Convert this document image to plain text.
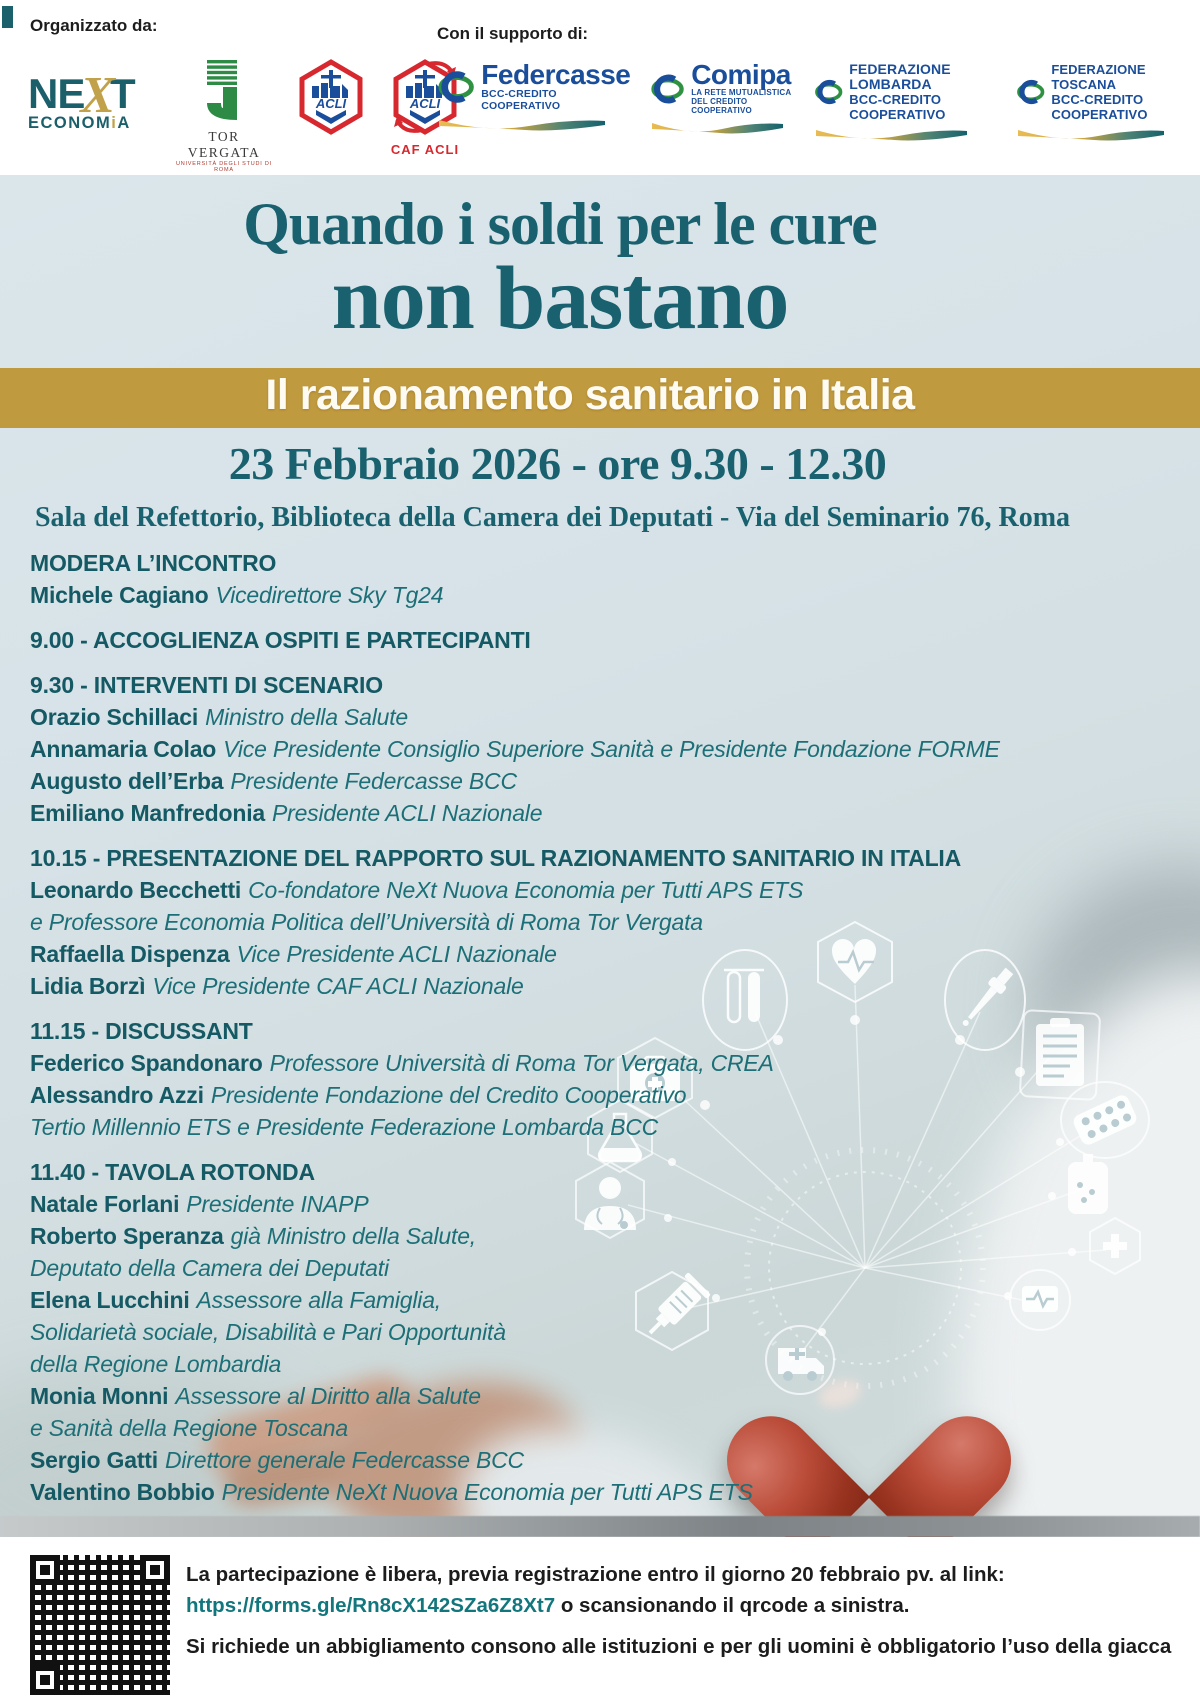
Organizzato da:	Con il supporto di:
NEXT
ECONOMiA
TOR VERGATA
UNIVERSITÀ DEGLI STUDI DI ROMA
ACLI	ACLI
CAF ACLI
Federcasse
BCC-CREDITO COOPERATIVO
Comipa
LA RETE MUTUALISTICA
DEL CREDITO COOPERATIVO
FEDERAZIONE LOMBARDA
BCC-CREDITO COOPERATIVO
FEDERAZIONE TOSCANA
BCC-CREDITO COOPERATIVO
Quando i soldi per le cure
non bastano
Il razionamento sanitario in Italia
23 Febbraio 2026 - ore 9.30 - 12.30
Sala del Refettorio, Biblioteca della Camera dei Deputati - Via del Seminario 76, Roma
MODERA L’INCONTRO
Michele Cagiano Vicedirettore Sky Tg24
9.00 - ACCOGLIENZA OSPITI E PARTECIPANTI
9.30 - INTERVENTI DI SCENARIO
Orazio Schillaci Ministro della Salute
Annamaria Colao Vice Presidente Consiglio Superiore Sanità e Presidente Fondazione FORME
Augusto dell’Erba Presidente Federcasse BCC
Emiliano Manfredonia Presidente ACLI Nazionale
10.15 - PRESENTAZIONE DEL RAPPORTO SUL RAZIONAMENTO SANITARIO IN ITALIA
Leonardo Becchetti Co-fondatore NeXt Nuova Economia per Tutti APS ETS
e Professore Economia Politica dell’Università di Roma Tor Vergata
Raffaella Dispenza Vice Presidente ACLI Nazionale
Lidia Borzì Vice Presidente CAF ACLI Nazionale
11.15 - DISCUSSANT
Federico Spandonaro Professore Università di Roma Tor Vergata, CREA
Alessandro Azzi Presidente Fondazione del Credito Cooperativo
Tertio Millennio ETS e Presidente Federazione Lombarda BCC
11.40 - TAVOLA ROTONDA
Natale Forlani Presidente INAPP
Roberto Speranza già Ministro della Salute,
Deputato della Camera dei Deputati
Elena Lucchini Assessore alla Famiglia,
Solidarietà sociale, Disabilità e Pari Opportunità
della Regione Lombardia
Monia Monni Assessore al Diritto alla Salute
e Sanità della Regione Toscana
Sergio Gatti Direttore generale Federcasse BCC
Valentino Bobbio Presidente NeXt Nuova Economia per Tutti APS ETS
La partecipazione è libera, previa registrazione entro il giorno 20 febbraio pv. al link:
https://forms.gle/Rn8cX142SZa6Z8Xt7 o scansionando il qrcode a sinistra.
Si richiede un abbigliamento consono alle istituzioni e per gli uomini è obbligatorio l’uso della giacca
